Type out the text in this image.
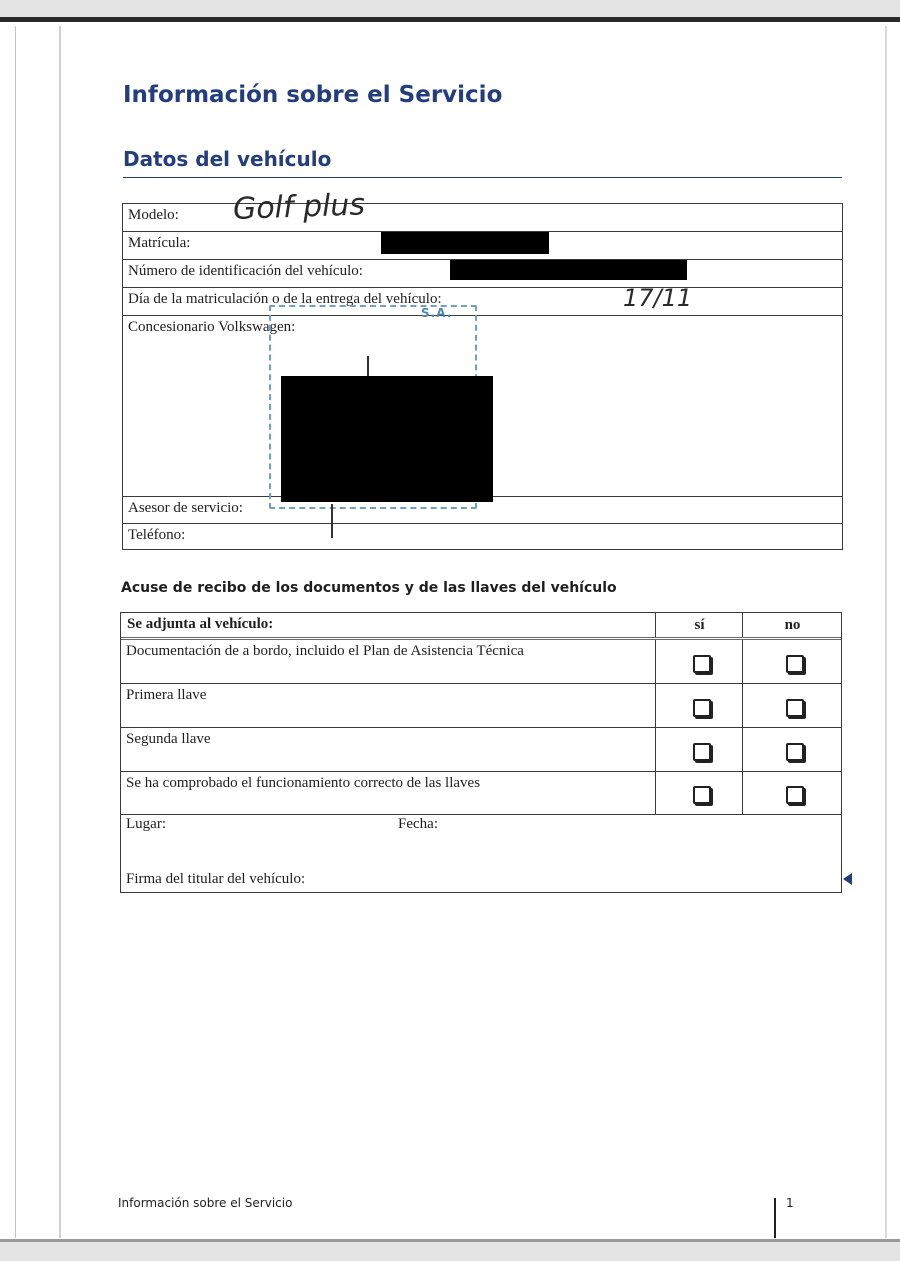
Información sobre el Servicio
Datos del vehículo
Modelo: Golf plus
Matrícula:
Número de identificación del vehículo:
Día de la matriculación o de la entrega del vehículo:	17/11
Concesionario Volkswagen:
Asesor de servicio:
Teléfono:
S.A.
Acuse de recibo de los documentos y de las llaves del vehículo
Se adjunta al vehículo:	sí	no
Documentación de a bordo, incluido el Plan de Asistencia Técnica
Primera llave
Segunda llave
Se ha comprobado el funcionamiento correcto de las llaves
Lugar:	Fecha:
Firma del titular del vehículo:

Información sobre el Servicio	1
